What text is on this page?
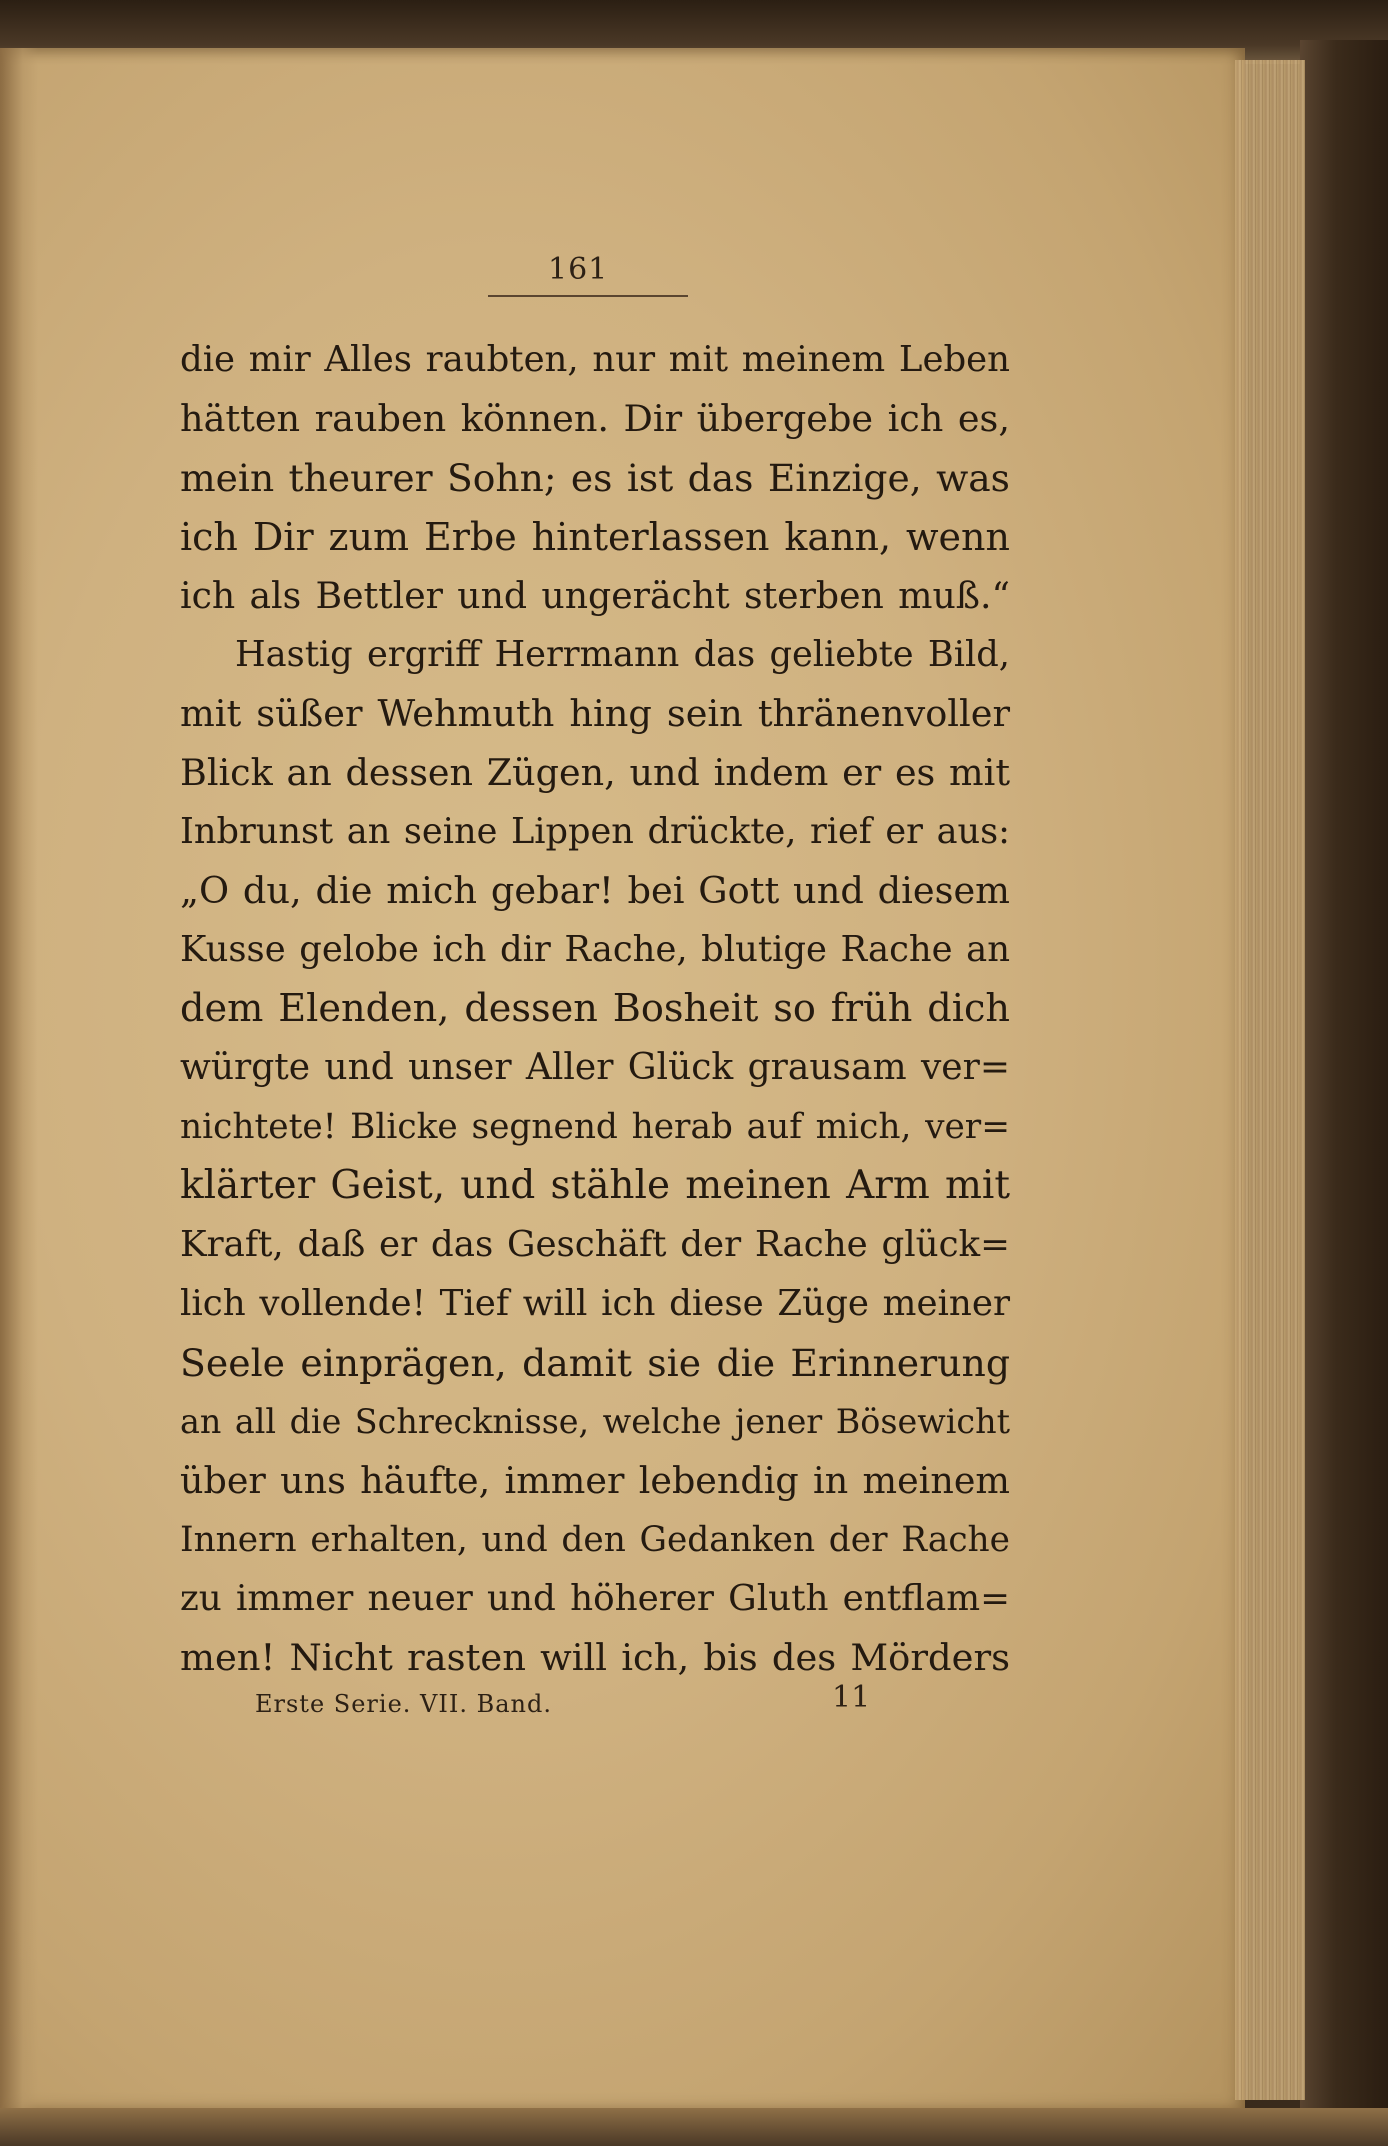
161
die mir Alles raubten, nur mit meinem Leben
hätten rauben können. Dir übergebe ich es,
mein theurer Sohn; es ist das Einzige, was
ich Dir zum Erbe hinterlassen kann, wenn
ich als Bettler und ungerächt sterben muß.“
Hastig ergriff Herrmann das geliebte Bild,
mit süßer Wehmuth hing sein thränenvoller
Blick an dessen Zügen, und indem er es mit
Inbrunst an seine Lippen drückte, rief er aus:
„O du, die mich gebar! bei Gott und diesem
Kusse gelobe ich dir Rache, blutige Rache an
dem Elenden, dessen Bosheit so früh dich
würgte und unser Aller Glück grausam ver=
nichtete! Blicke segnend herab auf mich, ver=
klärter Geist, und stähle meinen Arm mit
Kraft, daß er das Geschäft der Rache glück=
lich vollende! Tief will ich diese Züge meiner
Seele einprägen, damit sie die Erinnerung
an all die Schrecknisse, welche jener Bösewicht
über uns häufte, immer lebendig in meinem
Innern erhalten, und den Gedanken der Rache
zu immer neuer und höherer Gluth entflam=
men! Nicht rasten will ich, bis des Mörders
Erste Serie. VII. Band.	11
